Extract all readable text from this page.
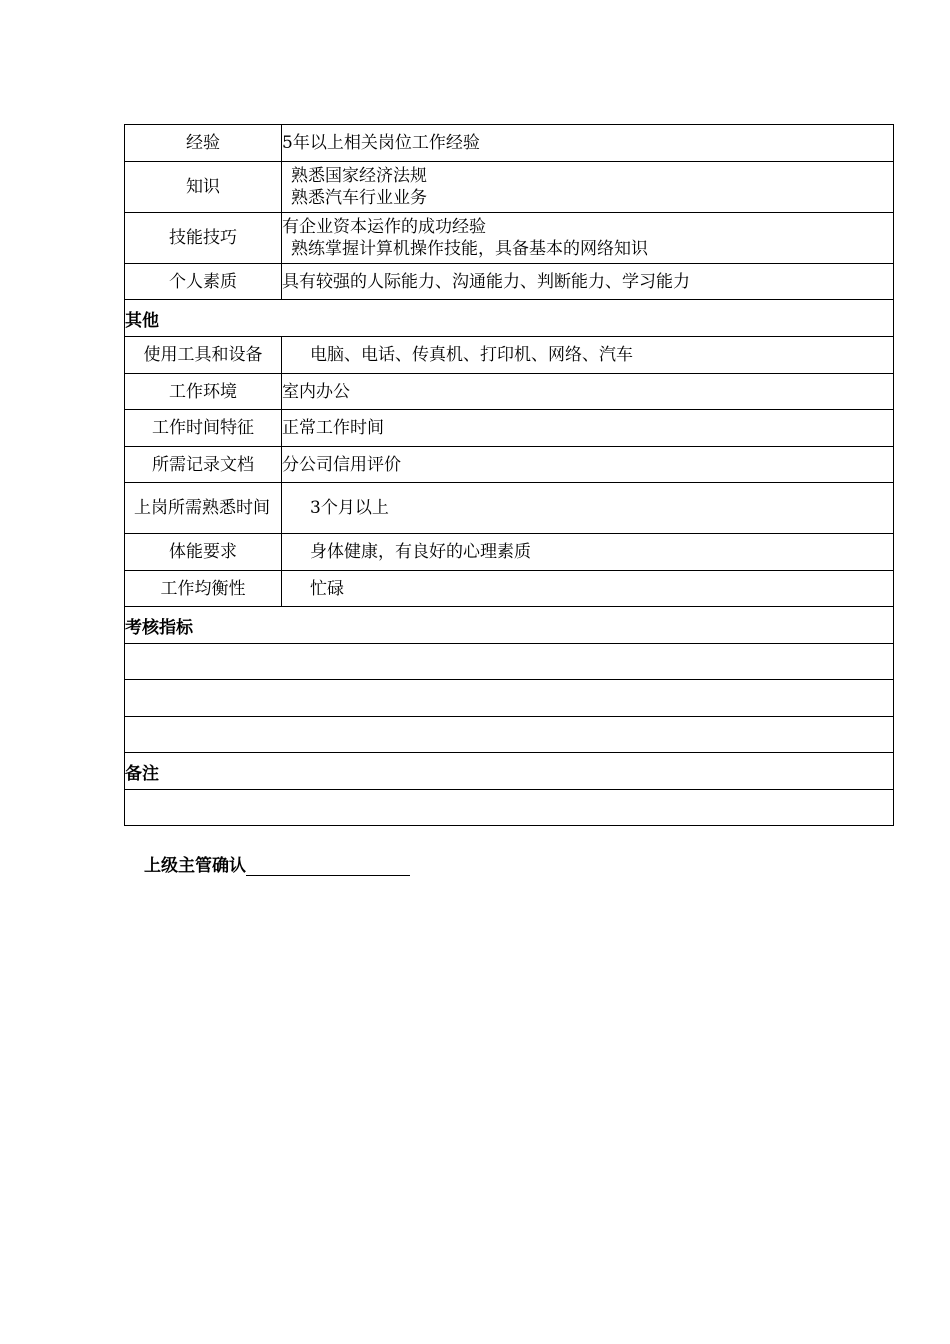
经验	5年以上相关岗位工作经验
知识	熟悉国家经济法规
熟悉汽车行业业务

技能技巧	有企业资本运作的成功经验
熟练掌握计算机操作技能，具备基本的网络知识

个人素质	具有较强的人际能力、沟通能力、判断能力、学习能力
其他	
使用工具和设备	电脑、电话、传真机、打印机、网络、汽车
工作环境	室内办公
工作时间特征	正常工作时间
所需记录文档	分公司信用评价
上岗所需熟悉时间	3个月以上
体能要求	身体健康，有良好的心理素质
工作均衡性	忙碌
考核指标	

备注	

上级主管确认
